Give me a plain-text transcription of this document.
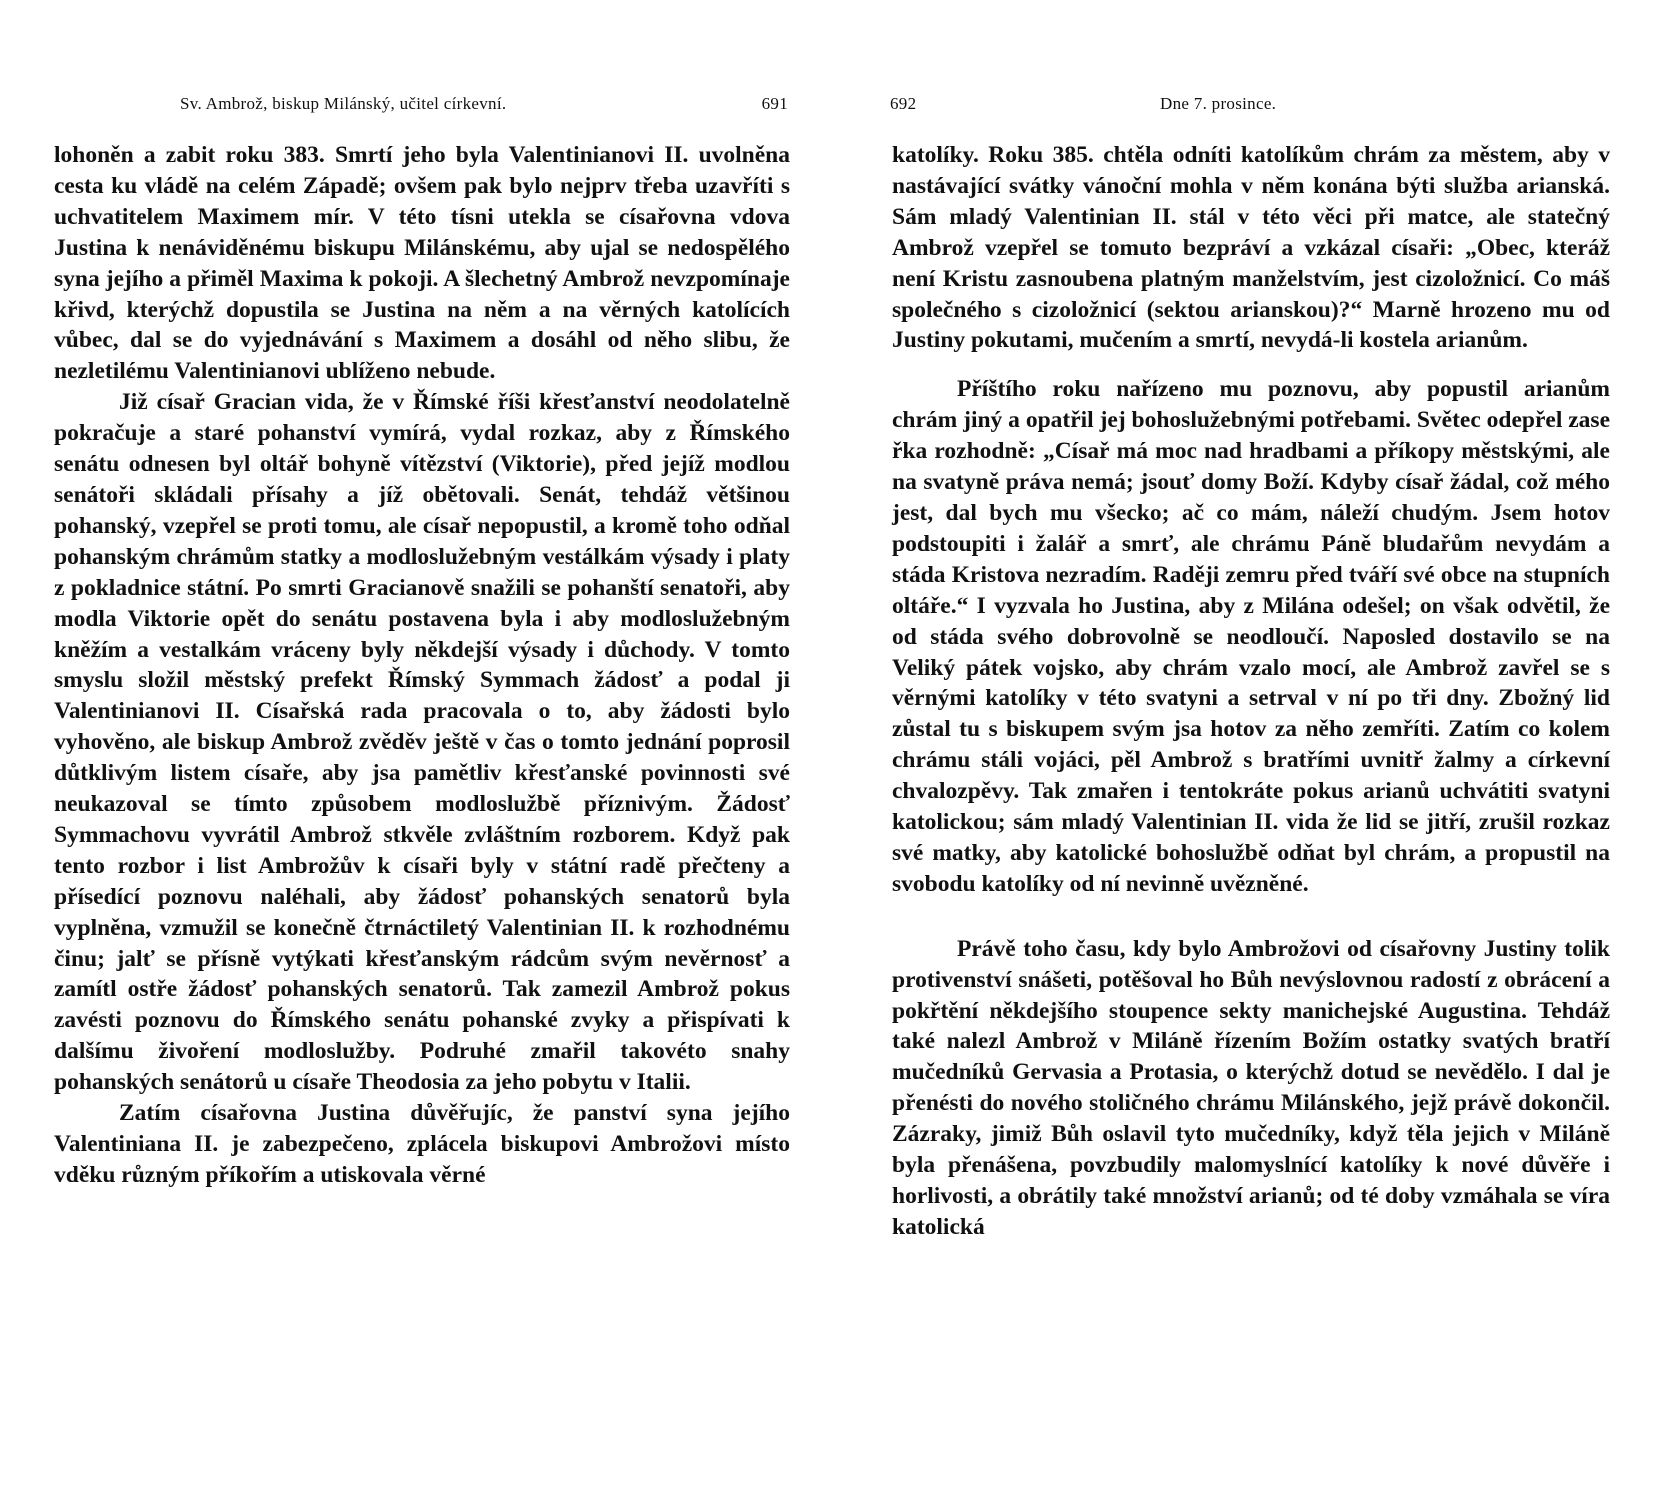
Sv. Ambrož, biskup Milánský, učitel církevní.	691

lohoněn a zabit roku 383. Smrtí jeho byla Valentinianovi II. uvolněna cesta ku vládě na celém Západě; ovšem pak bylo nejprv třeba uzavříti s uchvatitelem Maximem mír. V této tísni utekla se císařovna vdova Justina k nenáviděnému biskupu Milánskému, aby ujal se nedospělého syna jejího a přiměl Maxima k pokoji. A šlechetný Ambrož nevzpomínaje křivd, kterýchž dopustila se Justina na něm a na věrných katolících vůbec, dal se do vyjednávání s Maximem a dosáhl od něho slibu, že nezletilému Valentinianovi ublíženo nebude.

Již císař Gracian vida, že v Římské říši křesťanství neodolatelně pokračuje a staré pohanství vymírá, vydal rozkaz, aby z Římského senátu odnesen byl oltář bohyně vítězství (Viktorie), před jejíž modlou senátoři skládali přísahy a jíž obětovali. Senát, tehdáž většinou pohanský, vzepřel se proti tomu, ale císař nepopustil, a kromě toho odňal pohanským chrámům statky a modloslužebným vestálkám výsady i platy z pokladnice státní. Po smrti Gracianově snažili se pohanští senatoři, aby modla Viktorie opět do senátu postavena byla i aby modloslužebným kněžím a vestalkám vráceny byly někdejší výsady i důchody. V tomto smyslu složil městský prefekt Římský Symmach žádosť a podal ji Valentinianovi II. Císařská rada pracovala o to, aby žádosti bylo vyhověno, ale biskup Ambrož zvěděv ještě v čas o tomto jednání poprosil důtklivým listem císaře, aby jsa pamětliv křesťanské povinnosti své neukazoval se tímto způsobem modloslužbě příznivým. Žádosť Symmachovu vyvrátil Ambrož stkvěle zvláštním rozborem. Když pak tento rozbor i list Ambrožův k císaři byly v státní radě přečteny a přísedící poznovu naléhali, aby žádosť pohanských senatorů byla vyplněna, vzmužil se konečně čtrnáctiletý Valentinian II. k rozhodnému činu; jalť se přísně vytýkati křesťanským rádcům svým nevěrnosť a zamítl ostře žádosť pohanských senatorů. Tak zamezil Ambrož pokus zavésti poznovu do Římského senátu pohanské zvyky a přispívati k dalšímu živoření modloslužby. Podruhé zmařil takovéto snahy pohanských senátorů u císaře Theodosia za jeho pobytu v Italii.

Zatím císařovna Justina důvěřujíc, že panství syna jejího Valentiniana II. je zabezpečeno, zplácela biskupovi Ambrožovi místo vděku různým příkořím a utiskovala věrné

692	Dne 7. prosince.

katolíky. Roku 385. chtěla odníti katolíkům chrám za městem, aby v nastávající svátky vánoční mohla v něm konána býti služba arianská. Sám mladý Valentinian II. stál v této věci při matce, ale statečný Ambrož vzepřel se tomuto bezpráví a vzkázal císaři: „Obec, kteráž není Kristu zasnoubena platným manželstvím, jest cizoložnicí. Co máš společného s cizoložnicí (sektou arianskou)?“ Marně hrozeno mu od Justiny pokutami, mučením a smrtí, nevydá-li kostela arianům.

Příštího roku nařízeno mu poznovu, aby popustil arianům chrám jiný a opatřil jej bohoslužebnými potřebami. Světec odepřel zase řka rozhodně: „Císař má moc nad hradbami a příkopy městskými, ale na svatyně práva nemá; jsouť domy Boží. Kdyby císař žádal, což mého jest, dal bych mu všecko; ač co mám, náleží chudým. Jsem hotov podstoupiti i žalář a smrť, ale chrámu Páně bludařům nevydám a stáda Kristova nezradím. Raději zemru před tváří své obce na stupních oltáře.“ I vyzvala ho Justina, aby z Milána odešel; on však odvětil, že od stáda svého dobrovolně se neodloučí. Naposled dostavilo se na Veliký pátek vojsko, aby chrám vzalo mocí, ale Ambrož zavřel se s věrnými katolíky v této svatyni a setrval v ní po tři dny. Zbožný lid zůstal tu s biskupem svým jsa hotov za něho zemříti. Zatím co kolem chrámu stáli vojáci, pěl Ambrož s bratřími uvnitř žalmy a církevní chvalozpěvy. Tak zmařen i tentokráte pokus arianů uchvátiti svatyni katolickou; sám mladý Valentinian II. vida že lid se jitří, zrušil rozkaz své matky, aby katolické bohoslužbě odňat byl chrám, a propustil na svobodu katolíky od ní nevinně uvězněné.

Právě toho času, kdy bylo Ambrožovi od císařovny Justiny tolik protivenství snášeti, potěšoval ho Bůh nevýslovnou radostí z obrácení a pokřtění někdejšího stoupence sekty manichejské Augustina. Tehdáž také nalezl Ambrož v Miláně řízením Božím ostatky svatých bratří mučedníků Gervasia a Protasia, o kterýchž dotud se nevědělo. I dal je přenésti do nového stoličného chrámu Milánského, jejž právě dokončil. Zázraky, jimiž Bůh oslavil tyto mučedníky, když těla jejich v Miláně byla přenášena, povzbudily malomyslnící katolíky k nové důvěře i horlivosti, a obrátily také množství arianů; od té doby vzmáhala se víra katolická
